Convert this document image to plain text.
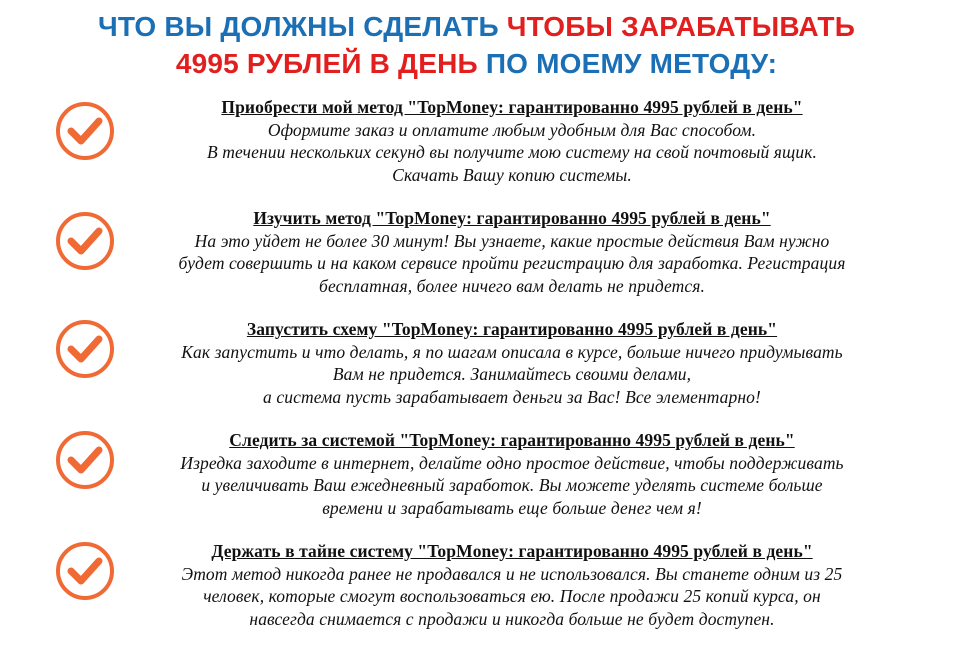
ЧТО ВЫ ДОЛЖНЫ СДЕЛАТЬ ЧТОБЫ ЗАРАБАТЫВАТЬ
4995 РУБЛЕЙ В ДЕНЬ ПО МОЕМУ МЕТОДУ:
Приобрести мой метод "TopMoney: гарантированно 4995 рублей в день"
Оформите заказ и оплатите любым удобным для Вас способом.
В течении нескольких секунд вы получите мою систему на свой почтовый ящик.
Скачать Вашу копию системы.
Изучить метод "TopMoney: гарантированно 4995 рублей в день"
На это уйдет не более 30 минут! Вы узнаете, какие простые действия Вам нужно
будет совершить и на каком сервисе пройти регистрацию для заработка. Регистрация
бесплатная, более ничего вам делать не придется.
Запустить схему "TopMoney: гарантированно 4995 рублей в день"
Как запустить и что делать, я по шагам описала в курсе, больше ничего придумывать
Вам не придется. Занимайтесь своими делами,
а система пусть зарабатывает деньги за Вас! Все элементарно!
Следить за системой "TopMoney: гарантированно 4995 рублей в день"
Изредка заходите в интернет, делайте одно простое действие, чтобы поддерживать
и увеличивать Ваш ежедневный заработок. Вы можете уделять системе больше
времени и зарабатывать еще больше денег чем я!
Держать в тайне систему "TopMoney: гарантированно 4995 рублей в день"
Этот метод никогда ранее не продавался и не использовался. Вы станете одним из 25
человек, которые смогут воспользоваться ею. После продажи 25 копий курса, он
навсегда снимается с продажи и никогда больше не будет доступен.
